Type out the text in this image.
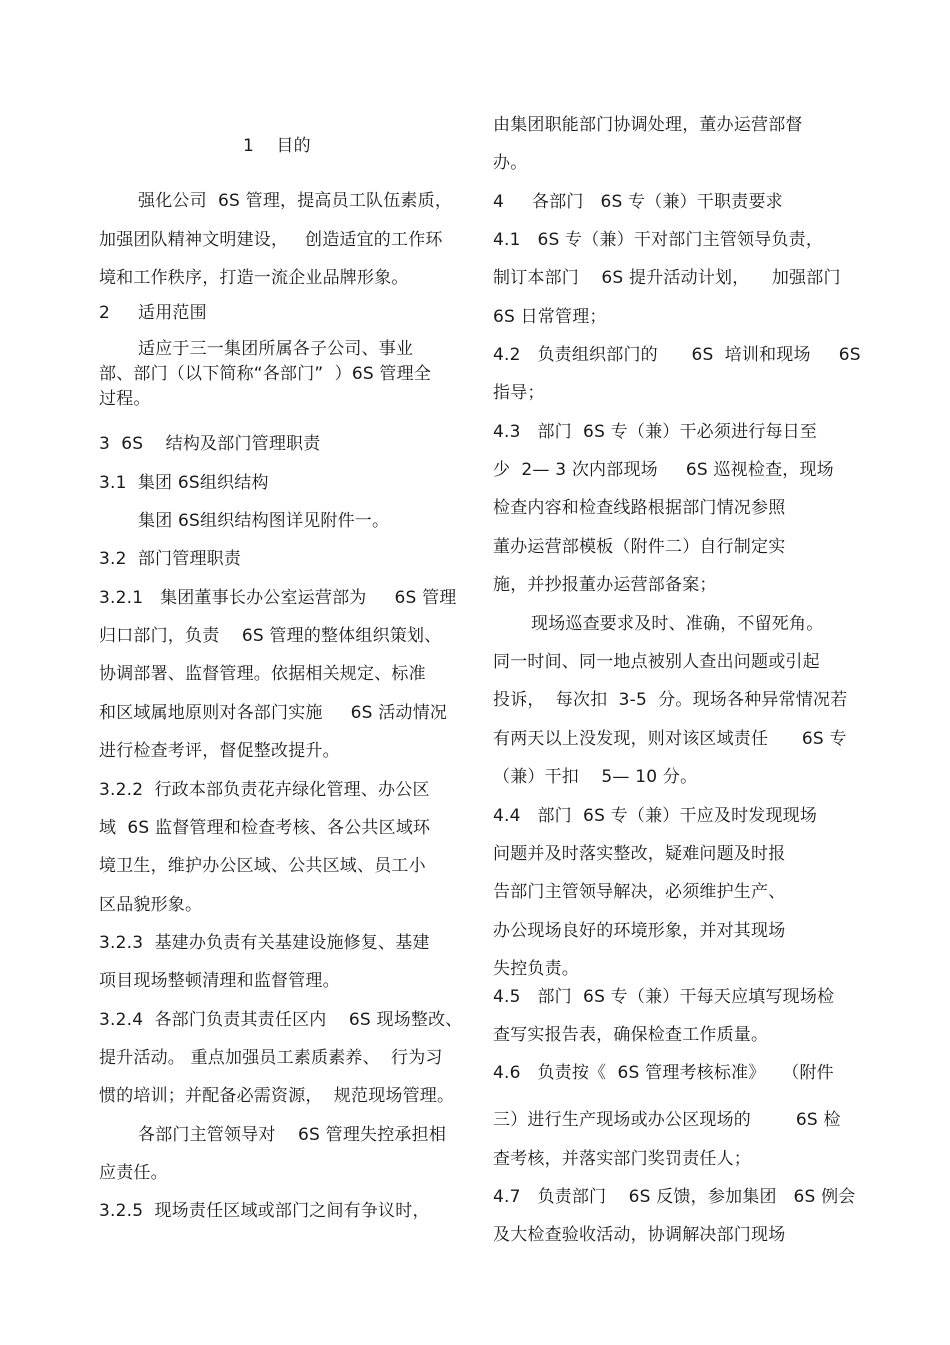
1    目的
强化公司  6S 管理，提高员工队伍素质，
加强团队精神文明建设，   创造适宜的工作环
境和工作秩序，打造一流企业品牌形象。
2     适用范围
适应于三一集团所属各子公司、事业
部、部门（以下简称“各部门”  ）6S 管理全
过程。
3  6S    结构及部门管理职责
3.1  集团 6S组织结构
集团 6S组织结构图详见附件一。
3.2  部门管理职责
3.2.1   集团董事长办公室运营部为     6S 管理
归口部门，负责    6S 管理的整体组织策划、
协调部署、监督管理。依据相关规定、标准
和区域属地原则对各部门实施     6S 活动情况
进行检查考评，督促整改提升。
3.2.2  行政本部负责花卉绿化管理、办公区
域  6S 监督管理和检查考核、各公共区域环
境卫生，维护办公区域、公共区域、员工小
区品貌形象。
3.2.3  基建办负责有关基建设施修复、基建
项目现场整顿清理和监督管理。
3.2.4  各部门负责其责任区内    6S 现场整改、
提升活动。 重点加强员工素质素养、  行为习
惯的培训；并配备必需资源，  规范现场管理。
各部门主管领导对    6S 管理失控承担相
应责任。
3.2.5  现场责任区域或部门之间有争议时，
由集团职能部门协调处理，董办运营部督
办。
4     各部门   6S 专（兼）干职责要求
4.1   6S 专（兼）干对部门主管领导负责，
制订本部门    6S 提升活动计划，    加强部门
6S 日常管理；
4.2   负责组织部门的      6S  培训和现场     6S
指导；
4.3   部门  6S 专（兼）干必须进行每日至
少  2— 3 次内部现场     6S 巡视检查，现场
检查内容和检查线路根据部门情况参照
董办运营部模板（附件二）自行制定实
施，并抄报董办运营部备案；
现场巡查要求及时、准确，不留死角。
同一时间、同一地点被别人查出问题或引起
投诉，  每次扣  3-5  分。现场各种异常情况若
有两天以上没发现，则对该区域责任      6S 专
（兼）干扣    5— 10 分。
4.4   部门  6S 专（兼）干应及时发现现场
问题并及时落实整改，疑难问题及时报
告部门主管领导解决，必须维护生产、
办公现场良好的环境形象，并对其现场
失控负责。
4.5   部门  6S 专（兼）干每天应填写现场检
查写实报告表，确保检查工作质量。
4.6   负责按《  6S 管理考核标准》   （附件
三）进行生产现场或办公区现场的        6S 检
查考核，并落实部门奖罚责任人；
4.7   负责部门    6S 反馈，参加集团   6S 例会
及大检查验收活动，协调解决部门现场
